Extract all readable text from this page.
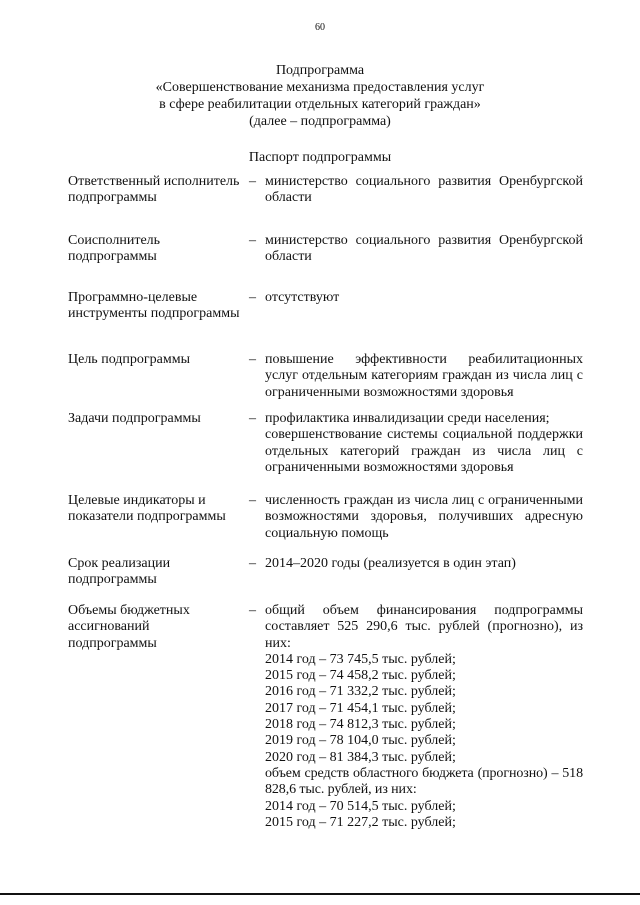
60
Подпрограмма
«Совершенствование механизма предоставления услуг
в сфере реабилитации отдельных категорий граждан»
(далее – подпрограмма)
Паспорт подпрограммы
Ответственный исполнитель подпрограммы
– министерство социального развития Оренбургской области
Соисполнитель подпрограммы
– министерство социального развития Оренбургской области
Программно-целевые инструменты подпрограммы
– отсутствуют
Цель подпрограммы	– повышение эффективности реабилитационных услуг отдельным категориям граждан из числа лиц с ограниченными возможностями здоровья
Задачи подпрограммы	– профилактика инвалидизации среди населения;
совершенствование системы социальной поддержки отдельных категорий граждан из числа лиц с ограниченными возможностями здоровья
Целевые индикаторы и показатели подпрограммы
– численность граждан из числа лиц с ограниченными возможностями здоровья, получивших адресную социальную помощь
Срок реализации подпрограммы
– 2014–2020 годы (реализуется в один этап)
Объемы бюджетных ассигнований подпрограммы
– общий объем финансирования подпрограммы составляет 525 290,6 тыс. рублей (прогнозно), из них:
2014 год – 73 745,5 тыс. рублей;
2015 год – 74 458,2 тыс. рублей;
2016 год – 71 332,2 тыс. рублей;
2017 год – 71 454,1 тыс. рублей;
2018 год – 74 812,3 тыс. рублей;
2019 год – 78 104,0 тыс. рублей;
2020 год – 81 384,3 тыс. рублей;
объем средств областного бюджета (прогнозно) – 518 828,6 тыс. рублей, из них:
2014 год – 70 514,5 тыс. рублей;
2015 год – 71 227,2 тыс. рублей;
